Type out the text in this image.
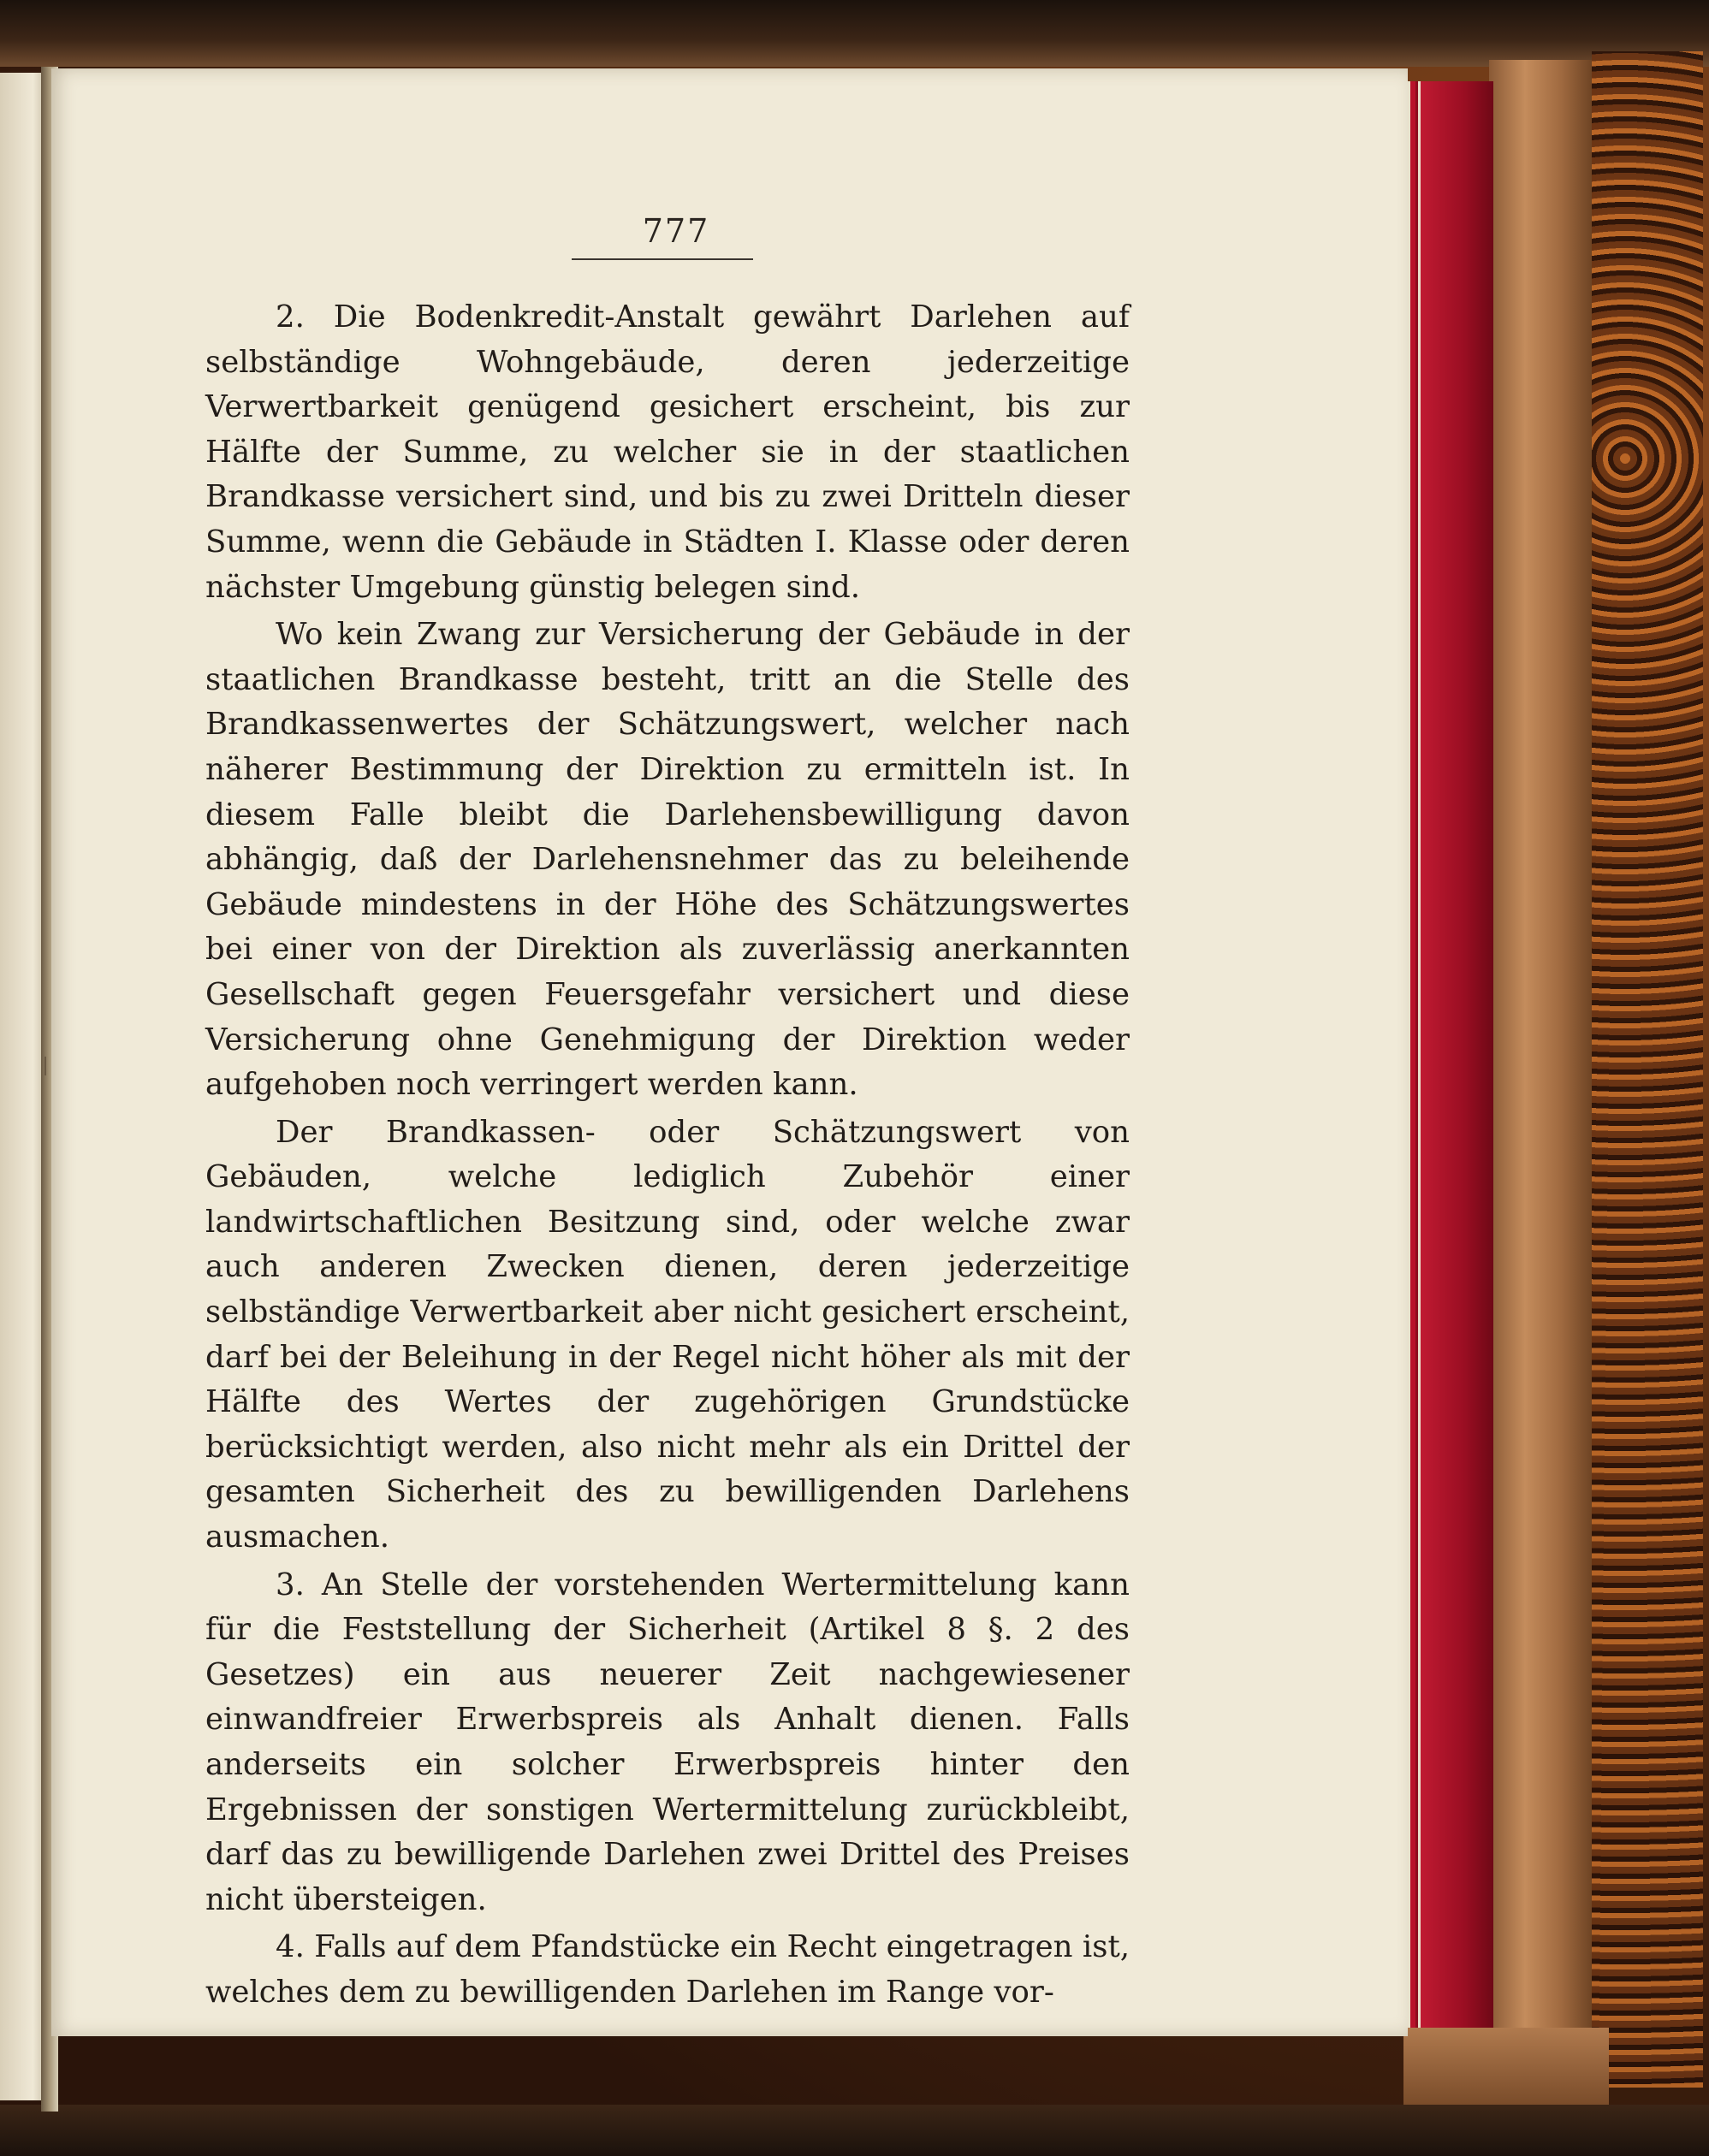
777

2. Die Bodenkredit-Anstalt gewährt Darlehen auf selbständige Wohngebäude, deren jederzeitige Verwertbarkeit genügend gesichert erscheint, bis zur Hälfte der Summe, zu welcher sie in der staatlichen Brandkasse versichert sind, und bis zu zwei Dritteln dieser Summe, wenn die Gebäude in Städten I. Klasse oder deren nächster Umgebung günstig belegen sind.

Wo kein Zwang zur Versicherung der Gebäude in der staatlichen Brandkasse besteht, tritt an die Stelle des Brandkassenwertes der Schätzungswert, welcher nach näherer Bestimmung der Direktion zu ermitteln ist. In diesem Falle bleibt die Darlehensbewilligung davon abhängig, daß der Darlehensnehmer das zu beleihende Gebäude mindestens in der Höhe des Schätzungswertes bei einer von der Direktion als zuverlässig anerkannten Gesellschaft gegen Feuersgefahr versichert und diese Versicherung ohne Genehmigung der Direktion weder aufgehoben noch verringert werden kann.

Der Brandkassen- oder Schätzungswert von Gebäuden, welche lediglich Zubehör einer landwirtschaftlichen Besitzung sind, oder welche zwar auch anderen Zwecken dienen, deren jederzeitige selbständige Verwertbarkeit aber nicht gesichert erscheint, darf bei der Beleihung in der Regel nicht höher als mit der Hälfte des Wertes der zugehörigen Grundstücke berücksichtigt werden, also nicht mehr als ein Drittel der gesamten Sicherheit des zu bewilligenden Darlehens ausmachen.

3. An Stelle der vorstehenden Wertermittelung kann für die Feststellung der Sicherheit (Artikel 8 §. 2 des Gesetzes) ein aus neuerer Zeit nachgewiesener einwandfreier Erwerbspreis als Anhalt dienen. Falls anderseits ein solcher Erwerbspreis hinter den Ergebnissen der sonstigen Wertermittelung zurückbleibt, darf das zu bewilligende Darlehen zwei Drittel des Preises nicht übersteigen.

4. Falls auf dem Pfandstücke ein Recht eingetragen ist, welches dem zu bewilligenden Darlehen im Range vor-
